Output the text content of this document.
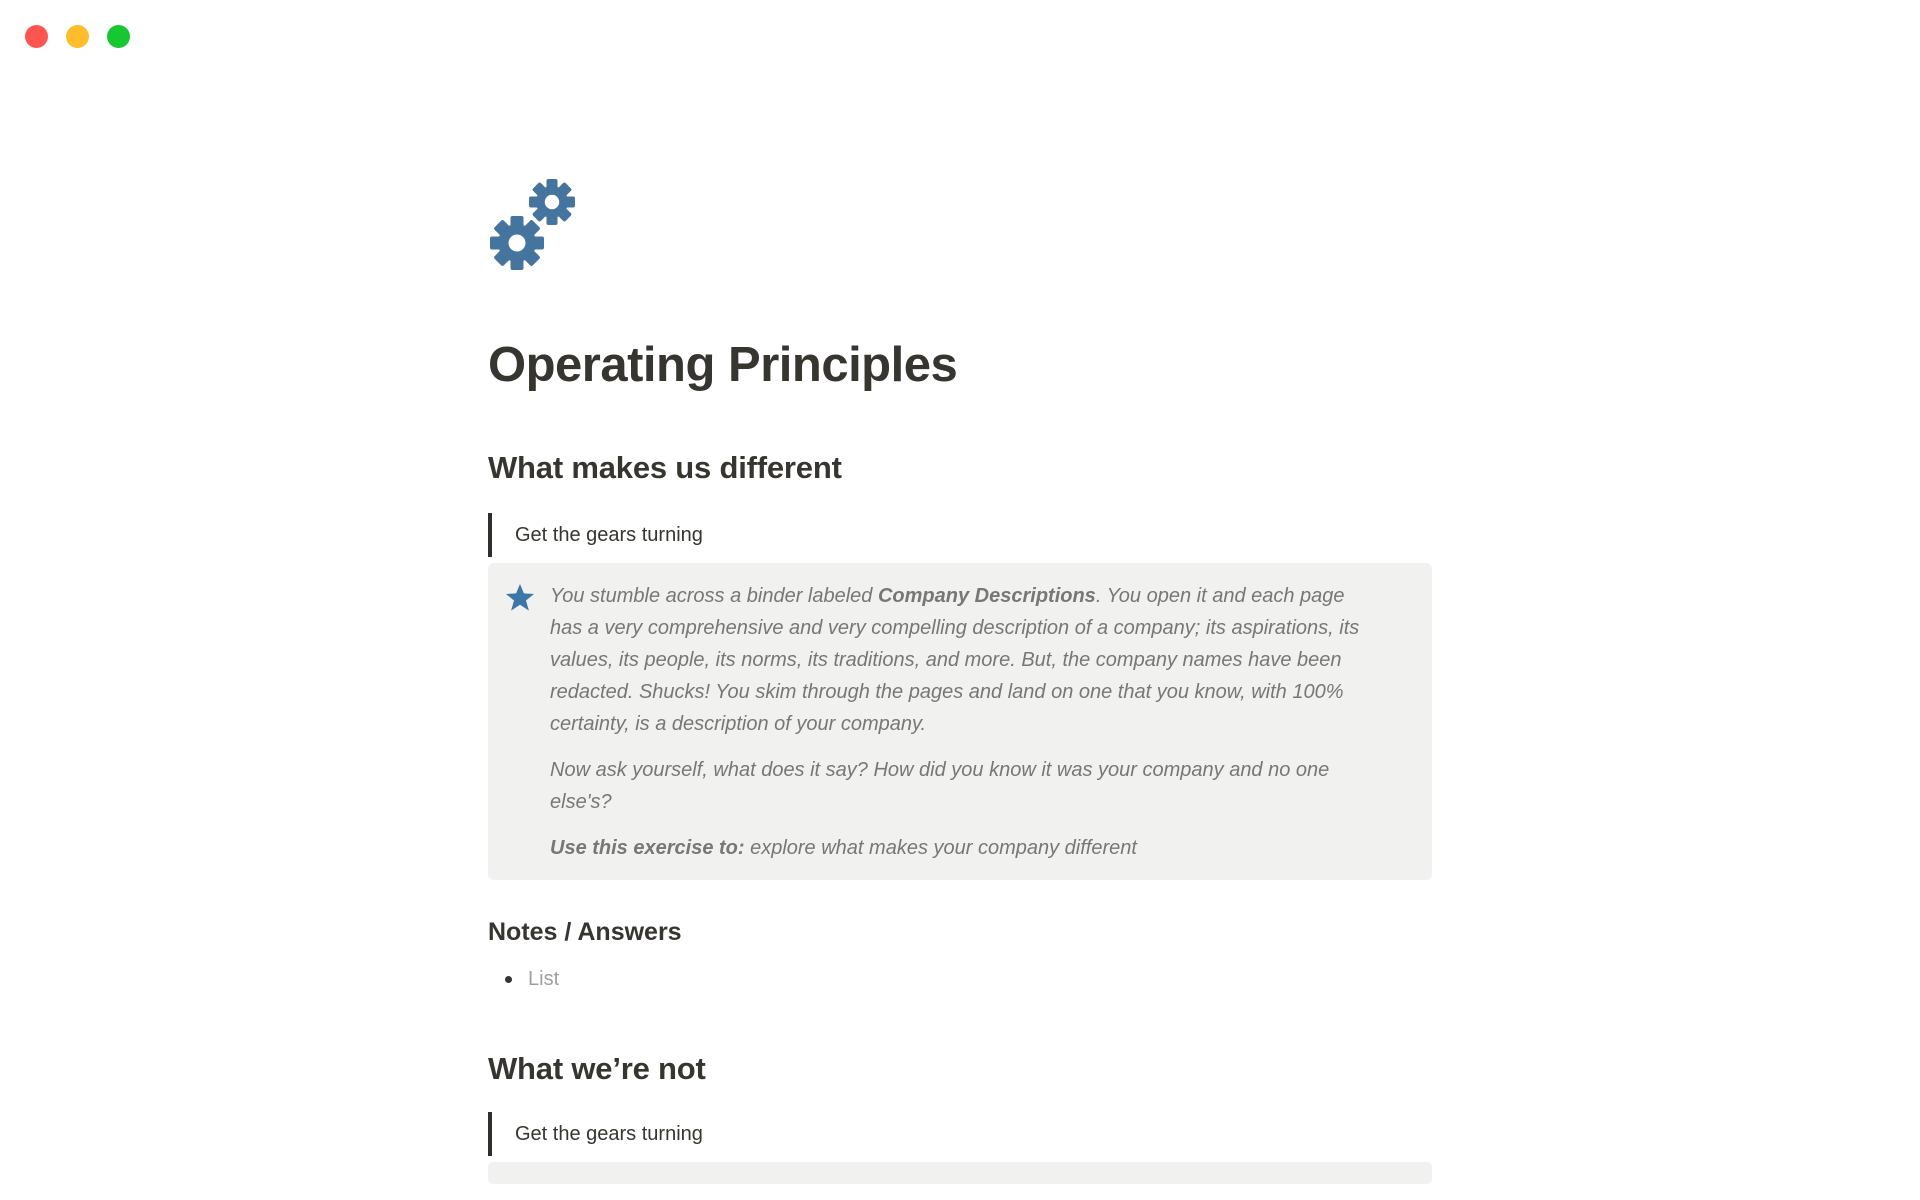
Operating Principles
What makes us different
Get the gears turning

You stumble across a binder labeled Company Descriptions. You open it and each page has a very comprehensive and very compelling description of a company; its aspirations, its values, its people, its norms, its traditions, and more. But, the company names have been redacted. Shucks! You skim through the pages and land on one that you know, with 100% certainty, is a description of your company.

Now ask yourself, what does it say? How did you know it was your company and no one else's?

Use this exercise to: explore what makes your company different

Notes / Answers
List
What we’re not
Get the gears turning
